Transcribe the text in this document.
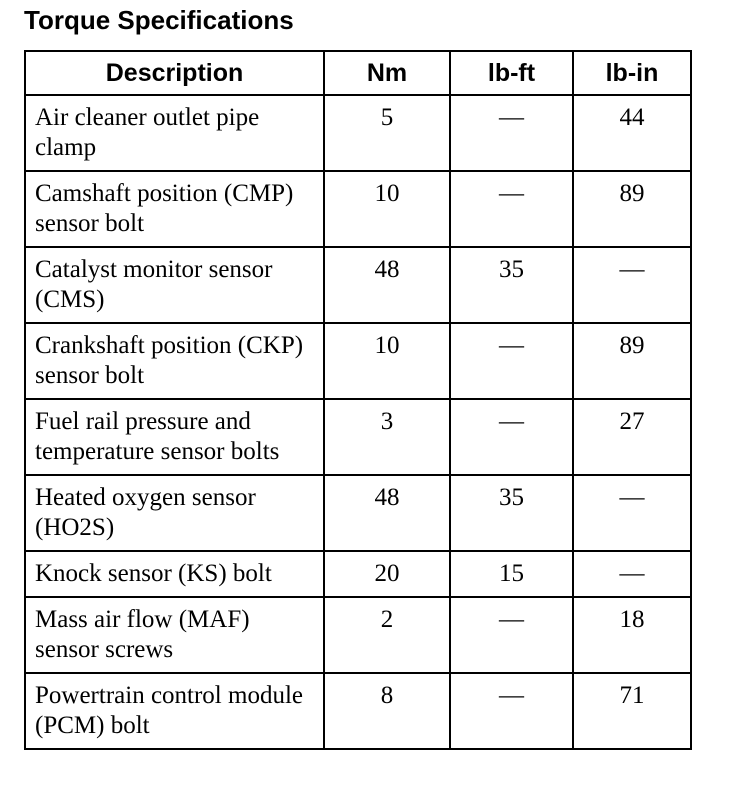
Torque Specifications
Description	Nm	lb-ft	lb-in
Air cleaner outlet pipe clamp	5	—	44
Camshaft position (CMP) sensor bolt	10	—	89
Catalyst monitor sensor (CMS)	48	35	—
Crankshaft position (CKP) sensor bolt	10	—	89
Fuel rail pressure and temperature sensor bolts	3	—	27
Heated oxygen sensor (HO2S)	48	35	—
Knock sensor (KS) bolt	20	15	—
Mass air flow (MAF) sensor screws	2	—	18
Powertrain control module (PCM) bolt	8	—	71
